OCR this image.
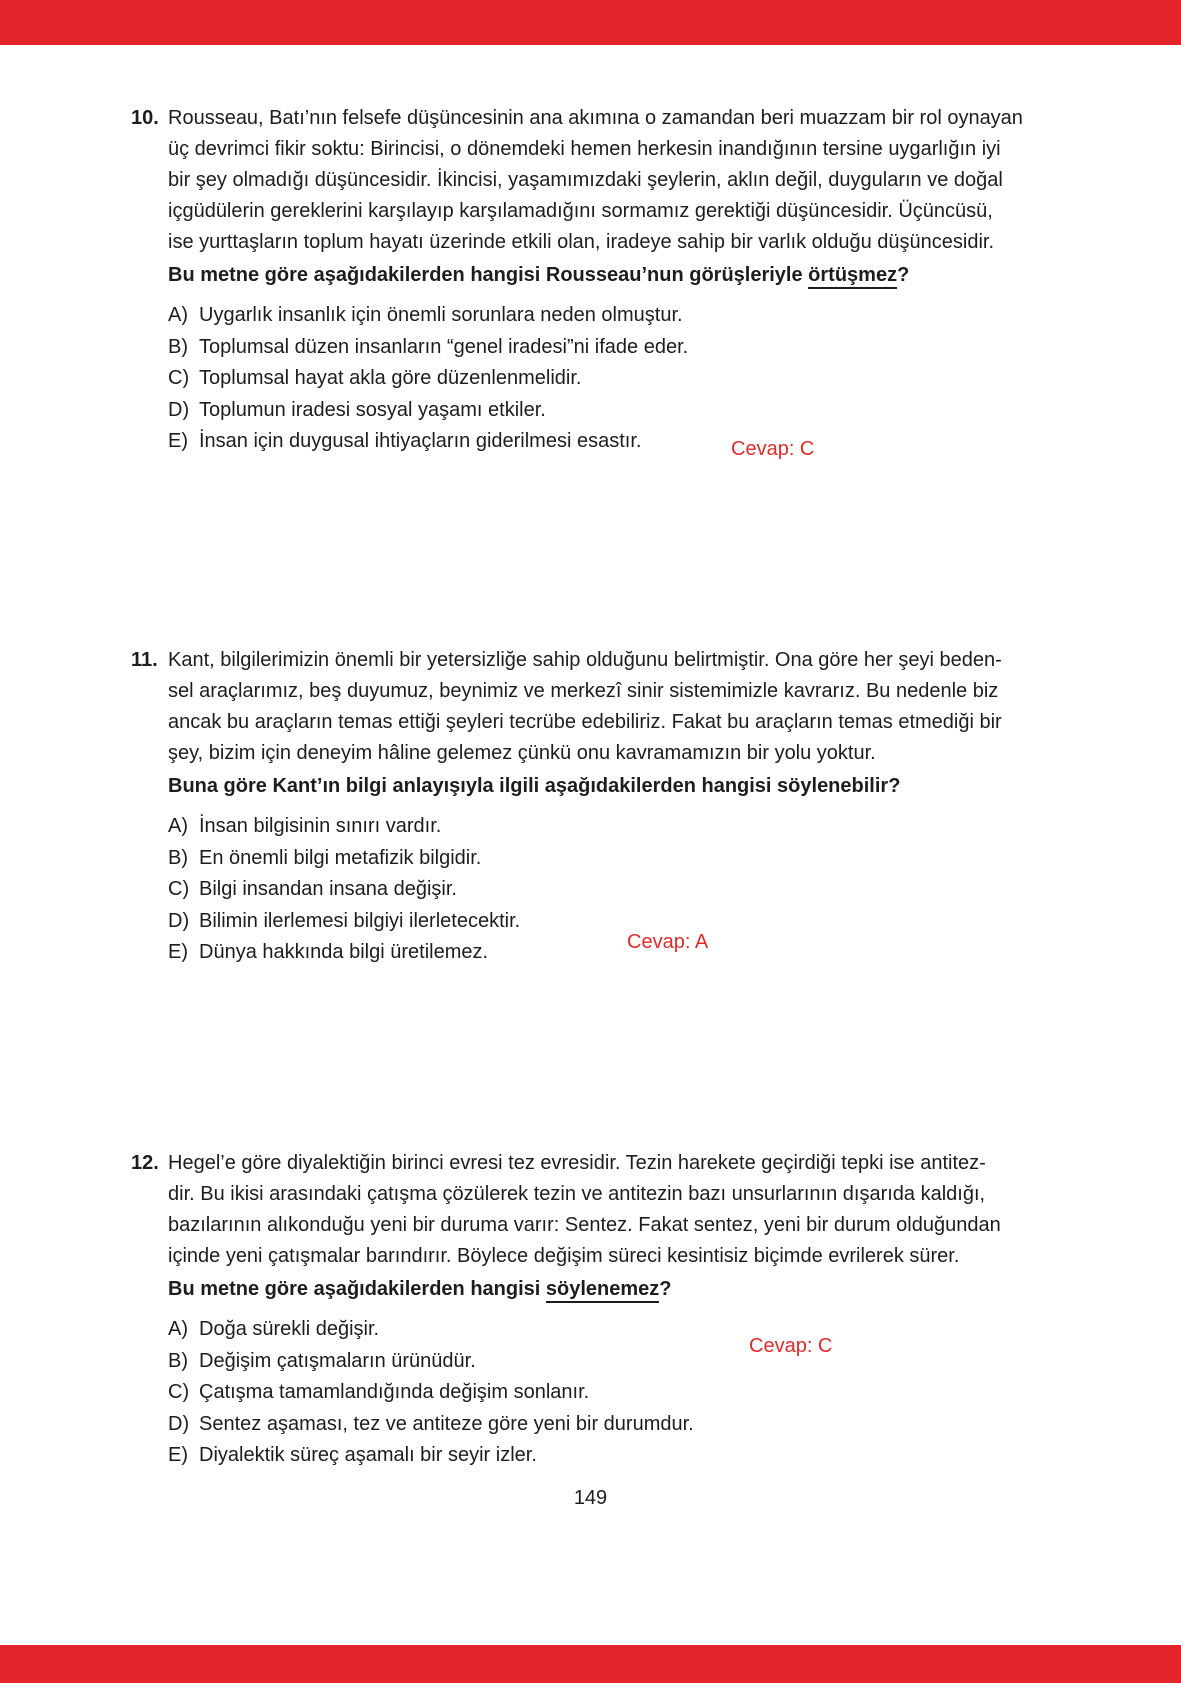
10. Rousseau, Batı’nın felsefe düşüncesinin ana akımına o zamandan beri muazzam bir rol oynayan
üç devrimci fikir soktu: Birincisi, o dönemdeki hemen herkesin inandığının tersine uygarlığın iyi
bir şey olmadığı düşüncesidir. İkincisi, yaşamımızdaki şeylerin, aklın değil, duyguların ve doğal
içgüdülerin gereklerini karşılayıp karşılamadığını sormamız gerektiği düşüncesidir. Üçüncüsü,
ise yurttaşların toplum hayatı üzerinde etkili olan, iradeye sahip bir varlık olduğu düşüncesidir.
Bu metne göre aşağıdakilerden hangisi Rousseau’nun görüşleriyle örtüşmez?
A) Uygarlık insanlık için önemli sorunlara neden olmuştur.
B) Toplumsal düzen insanların “genel iradesi”ni ifade eder.
C) Toplumsal hayat akla göre düzenlenmelidir.
D) Toplumun iradesi sosyal yaşamı etkiler.
E) İnsan için duygusal ihtiyaçların giderilmesi esastır.	Cevap: C
11. Kant, bilgilerimizin önemli bir yetersizliğe sahip olduğunu belirtmiştir. Ona göre her şeyi beden-
sel araçlarımız, beş duyumuz, beynimiz ve merkezî sinir sistemimizle kavrarız. Bu nedenle biz
ancak bu araçların temas ettiği şeyleri tecrübe edebiliriz. Fakat bu araçların temas etmediği bir
şey, bizim için deneyim hâline gelemez çünkü onu kavramamızın bir yolu yoktur.
Buna göre Kant’ın bilgi anlayışıyla ilgili aşağıdakilerden hangisi söylenebilir?
A) İnsan bilgisinin sınırı vardır.
B) En önemli bilgi metafizik bilgidir.
C) Bilgi insandan insana değişir.
D) Bilimin ilerlemesi bilgiyi ilerletecektir.
E) Dünya hakkında bilgi üretilemez.	Cevap: A
12. Hegel’e göre diyalektiğin birinci evresi tez evresidir. Tezin harekete geçirdiği tepki ise antitez-
dir. Bu ikisi arasındaki çatışma çözülerek tezin ve antitezin bazı unsurlarının dışarıda kaldığı,
bazılarının alıkonduğu yeni bir duruma varır: Sentez. Fakat sentez, yeni bir durum olduğundan
içinde yeni çatışmalar barındırır. Böylece değişim süreci kesintisiz biçimde evrilerek sürer.
Bu metne göre aşağıdakilerden hangisi söylenemez?
A) Doğa sürekli değişir.
B) Değişim çatışmaların ürünüdür.
C) Çatışma tamamlandığında değişim sonlanır.
D) Sentez aşaması, tez ve antiteze göre yeni bir durumdur.
E) Diyalektik süreç aşamalı bir seyir izler.
Cevap: C
149
